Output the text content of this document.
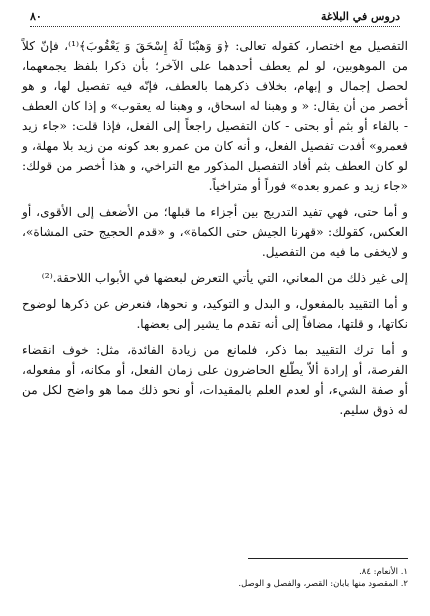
دروس في البلاغة
٨٠

التفصيل مع اختصار، كقوله تعالى: ﴿وَ وَهبْنَا لَهُ إِسْحَقَ وَ يَعْقُوبَ﴾⁽¹⁾، فإنّ كلاً من الموهوبين، لو لم يعطف أحدهما على الآخر؛ بأن ذكرا بلفظ يجمعهما، لحصل إجمال و إبهام، بخلاف ذكرهما بالعطف، فإنّه فيه تفصيل لها، و هو أخصر من أن يقال: « و وهبنا له اسحاق، و وهبنا له يعقوب» و إذا كان العطف - بالفاء أو بثم أو بحتى - كان التفصيل راجعاً إلى الفعل، فإذا قلت: «جاء زيد فعمرو» أفدت تفصيل الفعل، و أنه كان من عمرو بعد كونه من زيد بلا مهلة، و لو كان العطف بثم أفاد التفصيل المذكور مع التراخي، و هذا أخصر من قولك: «جاء زيد و عمرو بعده» فوراً أو متراخياً.

و أما حتى، فهي تفيد التدريج بين أجزاء ما قبلها؛ من الأضعف إلى الأقوى، أو العكس، كقولك: «قهرنا الجيش حتى الكماة»، و «قدم الحجيج حتى المشاة»، و لايخفى ما فيه من التفصيل.

إلى غير ذلك من المعاني، التي يأتي التعرض لبعضها في الأبواب اللاحقة.⁽²⁾

و أما التقييد بالمفعول، و البدل و التوكيد، و نحوها، فنعرض عن ذكرها لوضوح نكاتها، و قلتها، مضافاً إلى أنه تقدم ما يشير إلى بعضها.

و أما ترك التقييد بما ذكر، فلمانع من زيادة الفائدة، مثل: خوف انقضاء الفرصة، أو إرادة ألاّ يطّلع الحاضرون على زمان الفعل، أو مكانه، أو مفعوله، أو صفة الشيء، أو لعدم العلم بالمقيدات، أو نحو ذلك مما هو واضح لكل من له ذوق سليم.

١. الأنعام: ٨٤.
٢. المقصود منها بابان: القصر، والفصل و الوصل.
